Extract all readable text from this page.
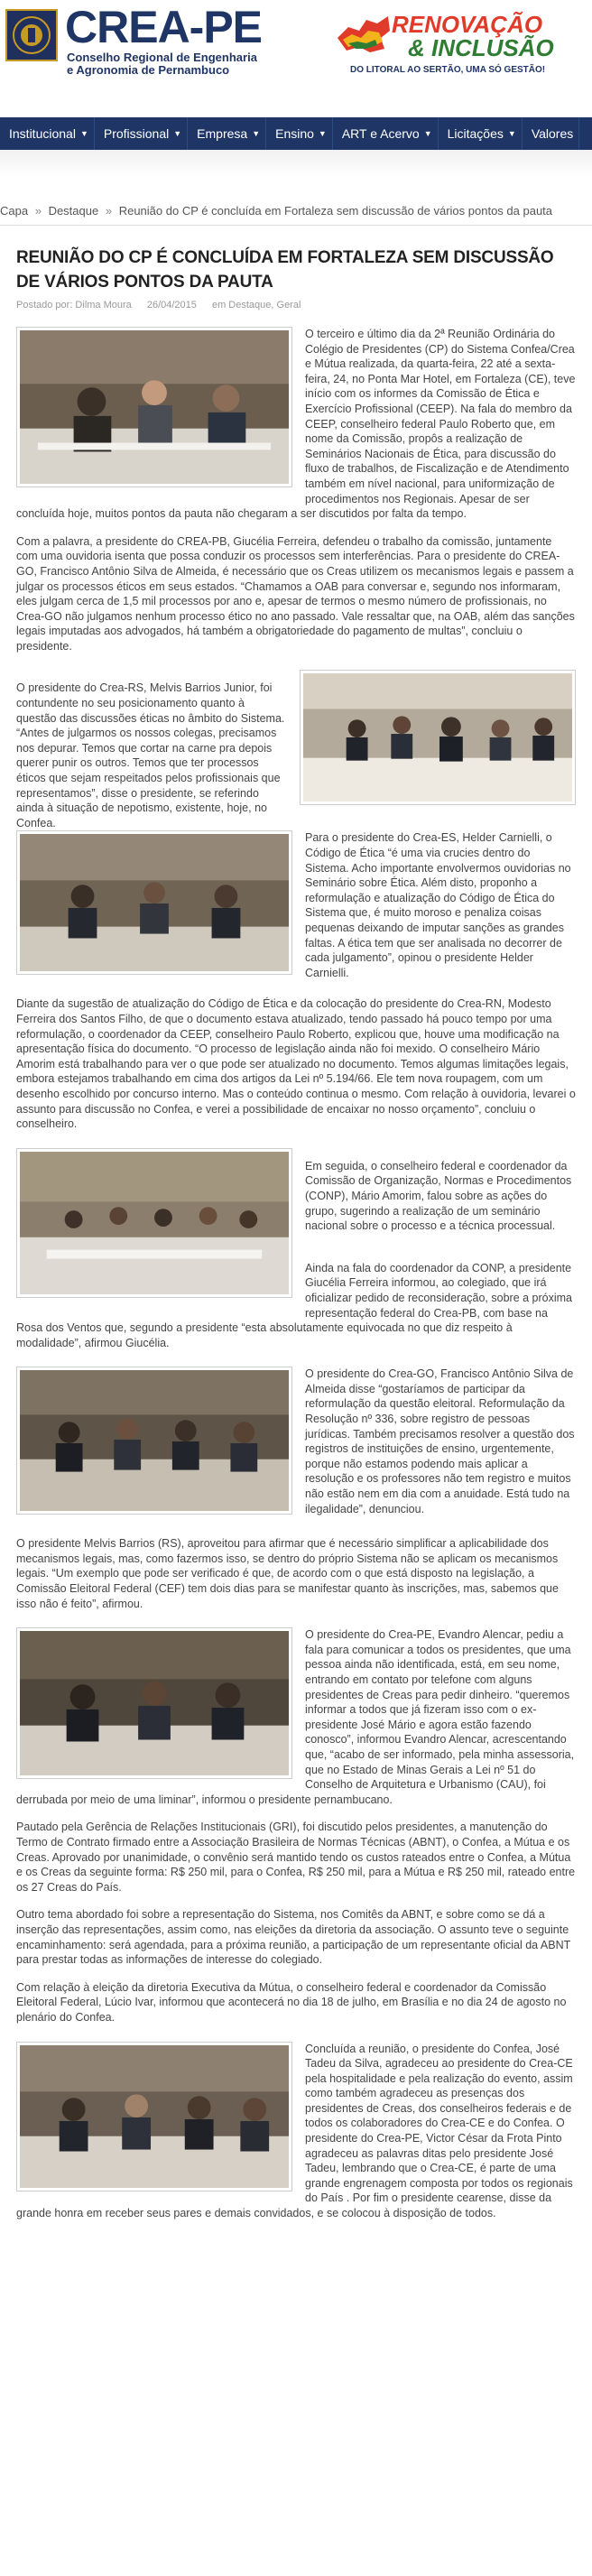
CREA-PE
Conselho Regional de Engenharia
e Agronomia de Pernambuco
RENOVAÇÃO
& INCLUSÃO
DO LITORAL AO SERTÃO, UMA SÓ GESTÃO!
Institucional ▼ Profissional ▼ Empresa ▼ Ensino ▼ ART e Acervo ▼ Licitações ▼ Valores
Capa » Destaque » Reunião do CP é concluída em Fortaleza sem discussão de vários pontos da pauta
REUNIÃO DO CP É CONCLUÍDA EM FORTALEZA SEM DISCUSSÃO DE VÁRIOS PONTOS DA PAUTA
Postado por: Dilma Moura 26/04/2015 em Destaque, Geral

O terceiro e último dia da 2ª Reunião Ordinária do Colégio de Presidentes (CP) do Sistema Confea/Crea e Mútua realizada, da quarta-feira, 22 até a sexta-feira, 24, no Ponta Mar Hotel, em Fortaleza (CE), teve início com os informes da Comissão de Ética e Exercício Profissional (CEEP). Na fala do membro da CEEP, conselheiro federal Paulo Roberto que, em nome da Comissão, propôs a realização de Seminários Nacionais de Ética, para discussão do fluxo de trabalhos, de Fiscalização e de Atendimento também em nível nacional, para uniformização de procedimentos nos Regionais. Apesar de ser concluída hoje, muitos pontos da pauta não chegaram a ser discutidos por falta da tempo.

Com a palavra, a presidente do CREA-PB, Giucélia Ferreira, defendeu o trabalho da comissão, juntamente com uma ouvidoria isenta que possa conduzir os processos sem interferências. Para o presidente do CREA-GO, Francisco Antônio Silva de Almeida, é necessário que os Creas utilizem os mecanismos legais e passem a julgar os processos éticos em seus estados. “Chamamos a OAB para conversar e, segundo nos informaram, eles julgam cerca de 1,5 mil processos por ano e, apesar de termos o mesmo número de profissionais, no Crea-GO não julgamos nenhum processo ético no ano passado. Vale ressaltar que, na OAB, além das sanções legais imputadas aos advogados, há também a obrigatoriedade do pagamento de multas”, concluiu o presidente.

O presidente do Crea-RS, Melvis Barrios Junior, foi contundente no seu posicionamento quanto à questão das discussões éticas no âmbito do Sistema. “Antes de julgarmos os nossos colegas, precisamos nos depurar. Temos que cortar na carne pra depois querer punir os outros. Temos que ter processos éticos que sejam respeitados pelos profissionais que representamos”, disse o presidente, se referindo ainda à situação de nepotismo, existente, hoje, no Confea.

Para o presidente do Crea-ES, Helder Carnielli, o Código de Ética “é uma via crucies dentro do Sistema. Acho importante envolvermos ouvidorias no Seminário sobre Ética. Além disto, proponho a reformulação e atualização do Código de Ética do Sistema que, é muito moroso e penaliza coisas pequenas deixando de imputar sanções as grandes faltas. A ética tem que ser analisada no decorrer de cada julgamento”, opinou o presidente Helder Carnielli.

Diante da sugestão de atualização do Código de Ética e da colocação do presidente do Crea-RN, Modesto Ferreira dos Santos Filho, de que o documento estava atualizado, tendo passado há pouco tempo por uma reformulação, o coordenador da CEEP, conselheiro Paulo Roberto, explicou que, houve uma modificação na apresentação física do documento. “O processo de legislação ainda não foi mexido. O conselheiro Mário Amorim está trabalhando para ver o que pode ser atualizado no documento. Temos algumas limitações legais, embora estejamos trabalhando em cima dos artigos da Lei nº 5.194/66. Ele tem nova roupagem, com um desenho escolhido por concurso interno. Mas o conteúdo continua o mesmo. Com relação à ouvidoria, levarei o assunto para discussão no Confea, e verei a possibilidade de encaixar no nosso orçamento”, concluiu o conselheiro.

Em seguida, o conselheiro federal e coordenador da Comissão de Organização, Normas e Procedimentos (CONP), Mário Amorim, falou sobre as ações do grupo, sugerindo a realização de um seminário nacional sobre o processo e a técnica processual.

Ainda na fala do coordenador da CONP, a presidente Giucélia Ferreira informou, ao colegiado, que irá oficializar pedido de reconsideração, sobre a próxima representação federal do Crea-PB, com base na Rosa dos Ventos que, segundo a presidente “esta absolutamente equivocada no que diz respeito à modalidade”, afirmou Giucélia.

O presidente do Crea-GO, Francisco Antônio Silva de Almeida disse “gostaríamos de participar da reformulação da questão eleitoral. Reformulação da Resolução nº 336, sobre registro de pessoas jurídicas. Também precisamos resolver a questão dos registros de instituições de ensino, urgentemente, porque não estamos podendo mais aplicar a resolução e os professores não tem registro e muitos não estão nem em dia com a anuidade. Está tudo na ilegalidade”, denunciou.

O presidente Melvis Barrios (RS), aproveitou para afirmar que é necessário simplificar a aplicabilidade dos mecanismos legais, mas, como fazermos isso, se dentro do próprio Sistema não se aplicam os mecanismos legais. “Um exemplo que pode ser verificado é que, de acordo com o que está disposto na legislação, a Comissão Eleitoral Federal (CEF) tem dois dias para se manifestar quanto às inscrições, mas, sabemos que isso não é feito”, afirmou.

O presidente do Crea-PE, Evandro Alencar, pediu a fala para comunicar a todos os presidentes, que uma pessoa ainda não identificada, está, em seu nome, entrando em contato por telefone com alguns presidentes de Creas para pedir dinheiro. “queremos informar a todos que já fizeram isso com o ex-presidente José Mário e agora estão fazendo conosco”, informou Evandro Alencar, acrescentando que, “acabo de ser informado, pela minha assessoria, que no Estado de Minas Gerais a Lei nº 51 do Conselho de Arquitetura e Urbanismo (CAU), foi derrubada por meio de uma liminar”, informou o presidente pernambucano.

Pautado pela Gerência de Relações Institucionais (GRI), foi discutido pelos presidentes, a manutenção do Termo de Contrato firmado entre a Associação Brasileira de Normas Técnicas (ABNT), o Confea, a Mútua e os Creas. Aprovado por unanimidade, o convênio será mantido tendo os custos rateados entre o Confea, a Mútua e os Creas da seguinte forma: R$ 250 mil, para o Confea, R$ 250 mil, para a Mútua e R$ 250 mil, rateado entre os 27 Creas do País.

Outro tema abordado foi sobre a representação do Sistema, nos Comitês da ABNT, e sobre como se dá a inserção das representações, assim como, nas eleições da diretoria da associação. O assunto teve o seguinte encaminhamento: será agendada, para a próxima reunião, a participação de um representante oficial da ABNT para prestar todas as informações de interesse do colegiado.

Com relação à eleição da diretoria Executiva da Mútua, o conselheiro federal e coordenador da Comissão Eleitoral Federal, Lúcio Ivar, informou que acontecerá no dia 18 de julho, em Brasília e no dia 24 de agosto no plenário do Confea.

Concluída a reunião, o presidente do Confea, José Tadeu da Silva, agradeceu ao presidente do Crea-CE pela hospitalidade e pela realização do evento, assim como também agradeceu as presenças dos presidentes de Creas, dos conselheiros federais e de todos os colaboradores do Crea-CE e do Confea. O presidente do Crea-PE, Victor César da Frota Pinto agradeceu as palavras ditas pelo presidente José Tadeu, lembrando que o Crea-CE, é parte de uma grande engrenagem composta por todos os regionais do País . Por fim o presidente cearense, disse da grande honra em receber seus pares e demais convidados, e se colocou à disposição de todos.
